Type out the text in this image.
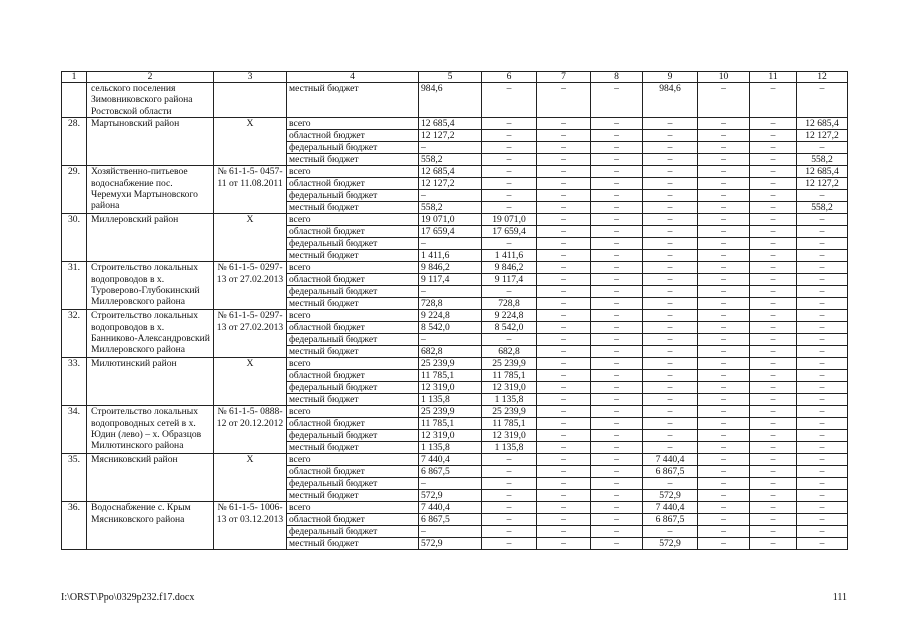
1	2	3	4	5	6	7	8	9	10	11	12
	сельского поселения Зимовниковского района Ростовской области		местный бюджет	984,6	–	–	–	984,6	–	–	–
28.	Мартыновский район	Х	всего	12 685,4	–	–	–	–	–	–	12 685,4
			областной бюджет	12 127,2	–	–	–	–	–	–	12 127,2
			федеральный бюджет	–	–	–	–	–	–	–	–
			местный бюджет	558,2	–	–	–	–	–	–	558,2
29.	Хозяйственно-питьевое водоснабжение пос. Черемухи Мартыновского района	№ 61-1-5- 0457-11 от 11.08.2011	всего	12 685,4	–	–	–	–	–	–	12 685,4
			областной бюджет	12 127,2	–	–	–	–	–	–	12 127,2
			федеральный бюджет	–	–	–	–	–	–	–	–
			местный бюджет	558,2	–	–	–	–	–	–	558,2
30.	Миллеровский район	Х	всего	19 071,0	19 071,0	–	–	–	–	–	–
			областной бюджет	17 659,4	17 659,4	–	–	–	–	–	–
			федеральный бюджет	–	–	–	–	–	–	–	–
			местный бюджет	1 411,6	1 411,6	–	–	–	–	–	–
31.	Строительство локальных водопроводов в х. Туроверово-Глубокинский Миллеровского района	№ 61-1-5- 0297-13 от 27.02.2013	всего	9 846,2	9 846,2	–	–	–	–	–	–
			областной бюджет	9 117,4	9 117,4	–	–	–	–	–	–
			федеральный бюджет	–	–	–	–	–	–	–	–
			местный бюджет	728,8	728,8	–	–	–	–	–	–
32.	Строительство локальных водопроводов в х. Банниково-Александровский Миллеровского района	№ 61-1-5- 0297-13 от 27.02.2013	всего	9 224,8	9 224,8	–	–	–	–	–	–
			областной бюджет	8 542,0	8 542,0	–	–	–	–	–	–
			федеральный бюджет	–	–	–	–	–	–	–	–
			местный бюджет	682,8	682,8	–	–	–	–	–	–
33.	Милютинский район	Х	всего	25 239,9	25 239,9	–	–	–	–	–	–
			областной бюджет	11 785,1	11 785,1	–	–	–	–	–	–
			федеральный бюджет	12 319,0	12 319,0	–	–	–	–	–	–
			местный бюджет	1 135,8	1 135,8	–	–	–	–	–	–
34.	Строительство локальных водопроводных сетей в х. Юдин (лево) – х. Образцов Милютинского района	№ 61-1-5- 0888-12 от 20.12.2012	всего	25 239,9	25 239,9	–	–	–	–	–	–
			областной бюджет	11 785,1	11 785,1	–	–	–	–	–	–
			федеральный бюджет	12 319,0	12 319,0	–	–	–	–	–	–
			местный бюджет	1 135,8	1 135,8	–	–	–	–	–	–
35.	Мясниковский район	Х	всего	7 440,4	–	–	–	7 440,4	–	–	–
			областной бюджет	6 867,5	–	–	–	6 867,5	–	–	–
			федеральный бюджет	–	–	–	–	–	–	–	–
			местный бюджет	572,9	–	–	–	572,9	–	–	–
36.	Водоснабжение с. Крым Мясниковского района	№ 61-1-5- 1006-13 от 03.12.2013	всего	7 440,4	–	–	–	7 440,4	–	–	–
			областной бюджет	6 867,5	–	–	–	6 867,5	–	–	–
			федеральный бюджет	–	–	–	–	–	–	–	–
			местный бюджет	572,9	–	–	–	572,9	–	–	–
I:\ORST\Ppo\0329p232.f17.docx	111
